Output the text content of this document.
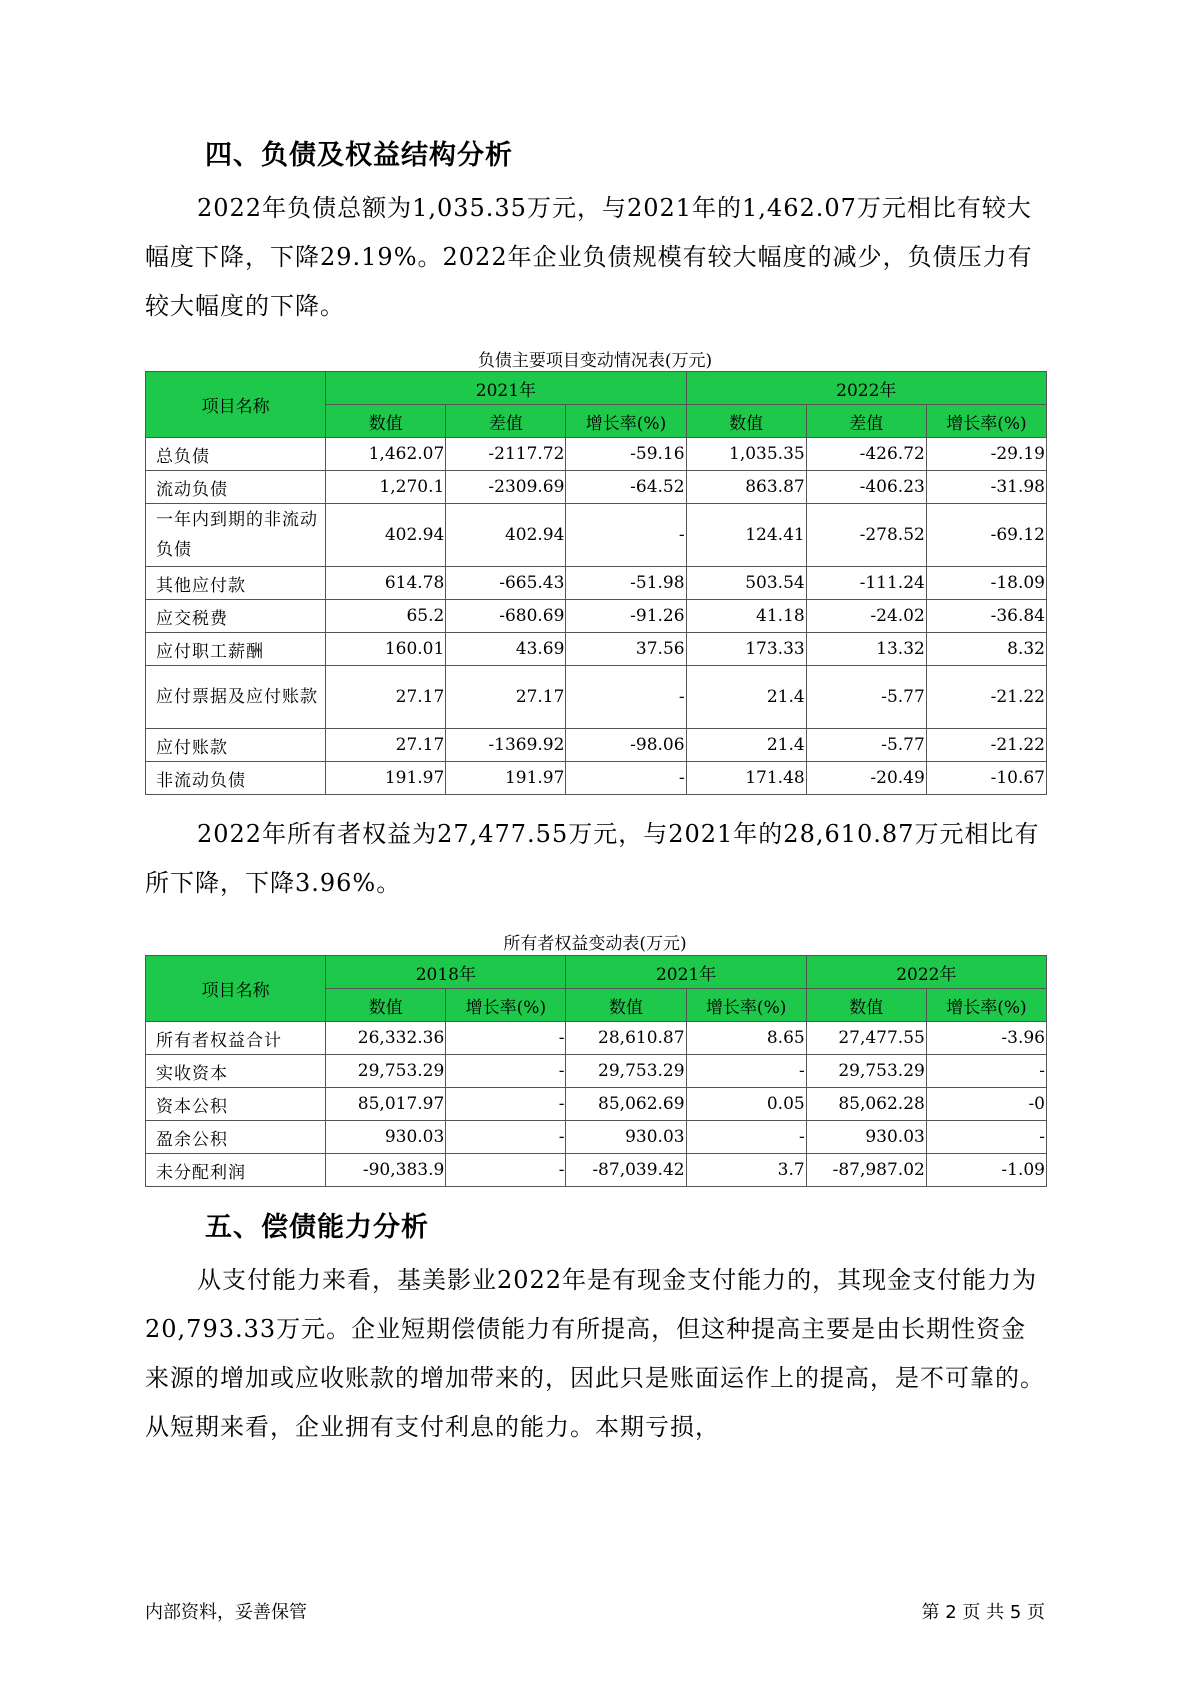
四、负债及权益结构分析

2022年负债总额为1,035.35万元，与2021年的1,462.07万元相比有较大幅度下降，下降29.19%。2022年企业负债规模有较大幅度的减少，负债压力有较大幅度的下降。

负债主要项目变动情况表(万元)
项目名称	2021年			2022年		
	数值	差值	增长率(%)	数值	差值	增长率(%)
总负债	1,462.07	-2117.72	-59.16	1,035.35	-426.72	-29.19
流动负债	1,270.1	-2309.69	-64.52	863.87	-406.23	-31.98
一年内到期的非流动负债	402.94	402.94	-	124.41	-278.52	-69.12
其他应付款	614.78	-665.43	-51.98	503.54	-111.24	-18.09
应交税费	65.2	-680.69	-91.26	41.18	-24.02	-36.84
应付职工薪酬	160.01	43.69	37.56	173.33	13.32	8.32
应付票据及应付账款	27.17	27.17	-	21.4	-5.77	-21.22
应付账款	27.17	-1369.92	-98.06	21.4	-5.77	-21.22
非流动负债	191.97	191.97	-	171.48	-20.49	-10.67

2022年所有者权益为27,477.55万元，与2021年的28,610.87万元相比有所下降，下降3.96%。

所有者权益变动表(万元)
项目名称	2018年		2021年		2022年	
	数值	增长率(%)	数值	增长率(%)	数值	增长率(%)
所有者权益合计	26,332.36	-	28,610.87	8.65	27,477.55	-3.96
实收资本	29,753.29	-	29,753.29	-	29,753.29	-
资本公积	85,017.97	-	85,062.69	0.05	85,062.28	-0
盈余公积	930.03	-	930.03	-	930.03	-
未分配利润	-90,383.9	-	-87,039.42	3.7	-87,987.02	-1.09
五、偿债能力分析

从支付能力来看，基美影业2022年是有现金支付能力的，其现金支付能力为20,793.33万元。企业短期偿债能力有所提高，但这种提高主要是由长期性资金来源的增加或应收账款的增加带来的，因此只是账面运作上的提高，是不可靠的。从短期来看，企业拥有支付利息的能力。本期亏损，

内部资料，妥善保管	第 2 页 共 5 页
